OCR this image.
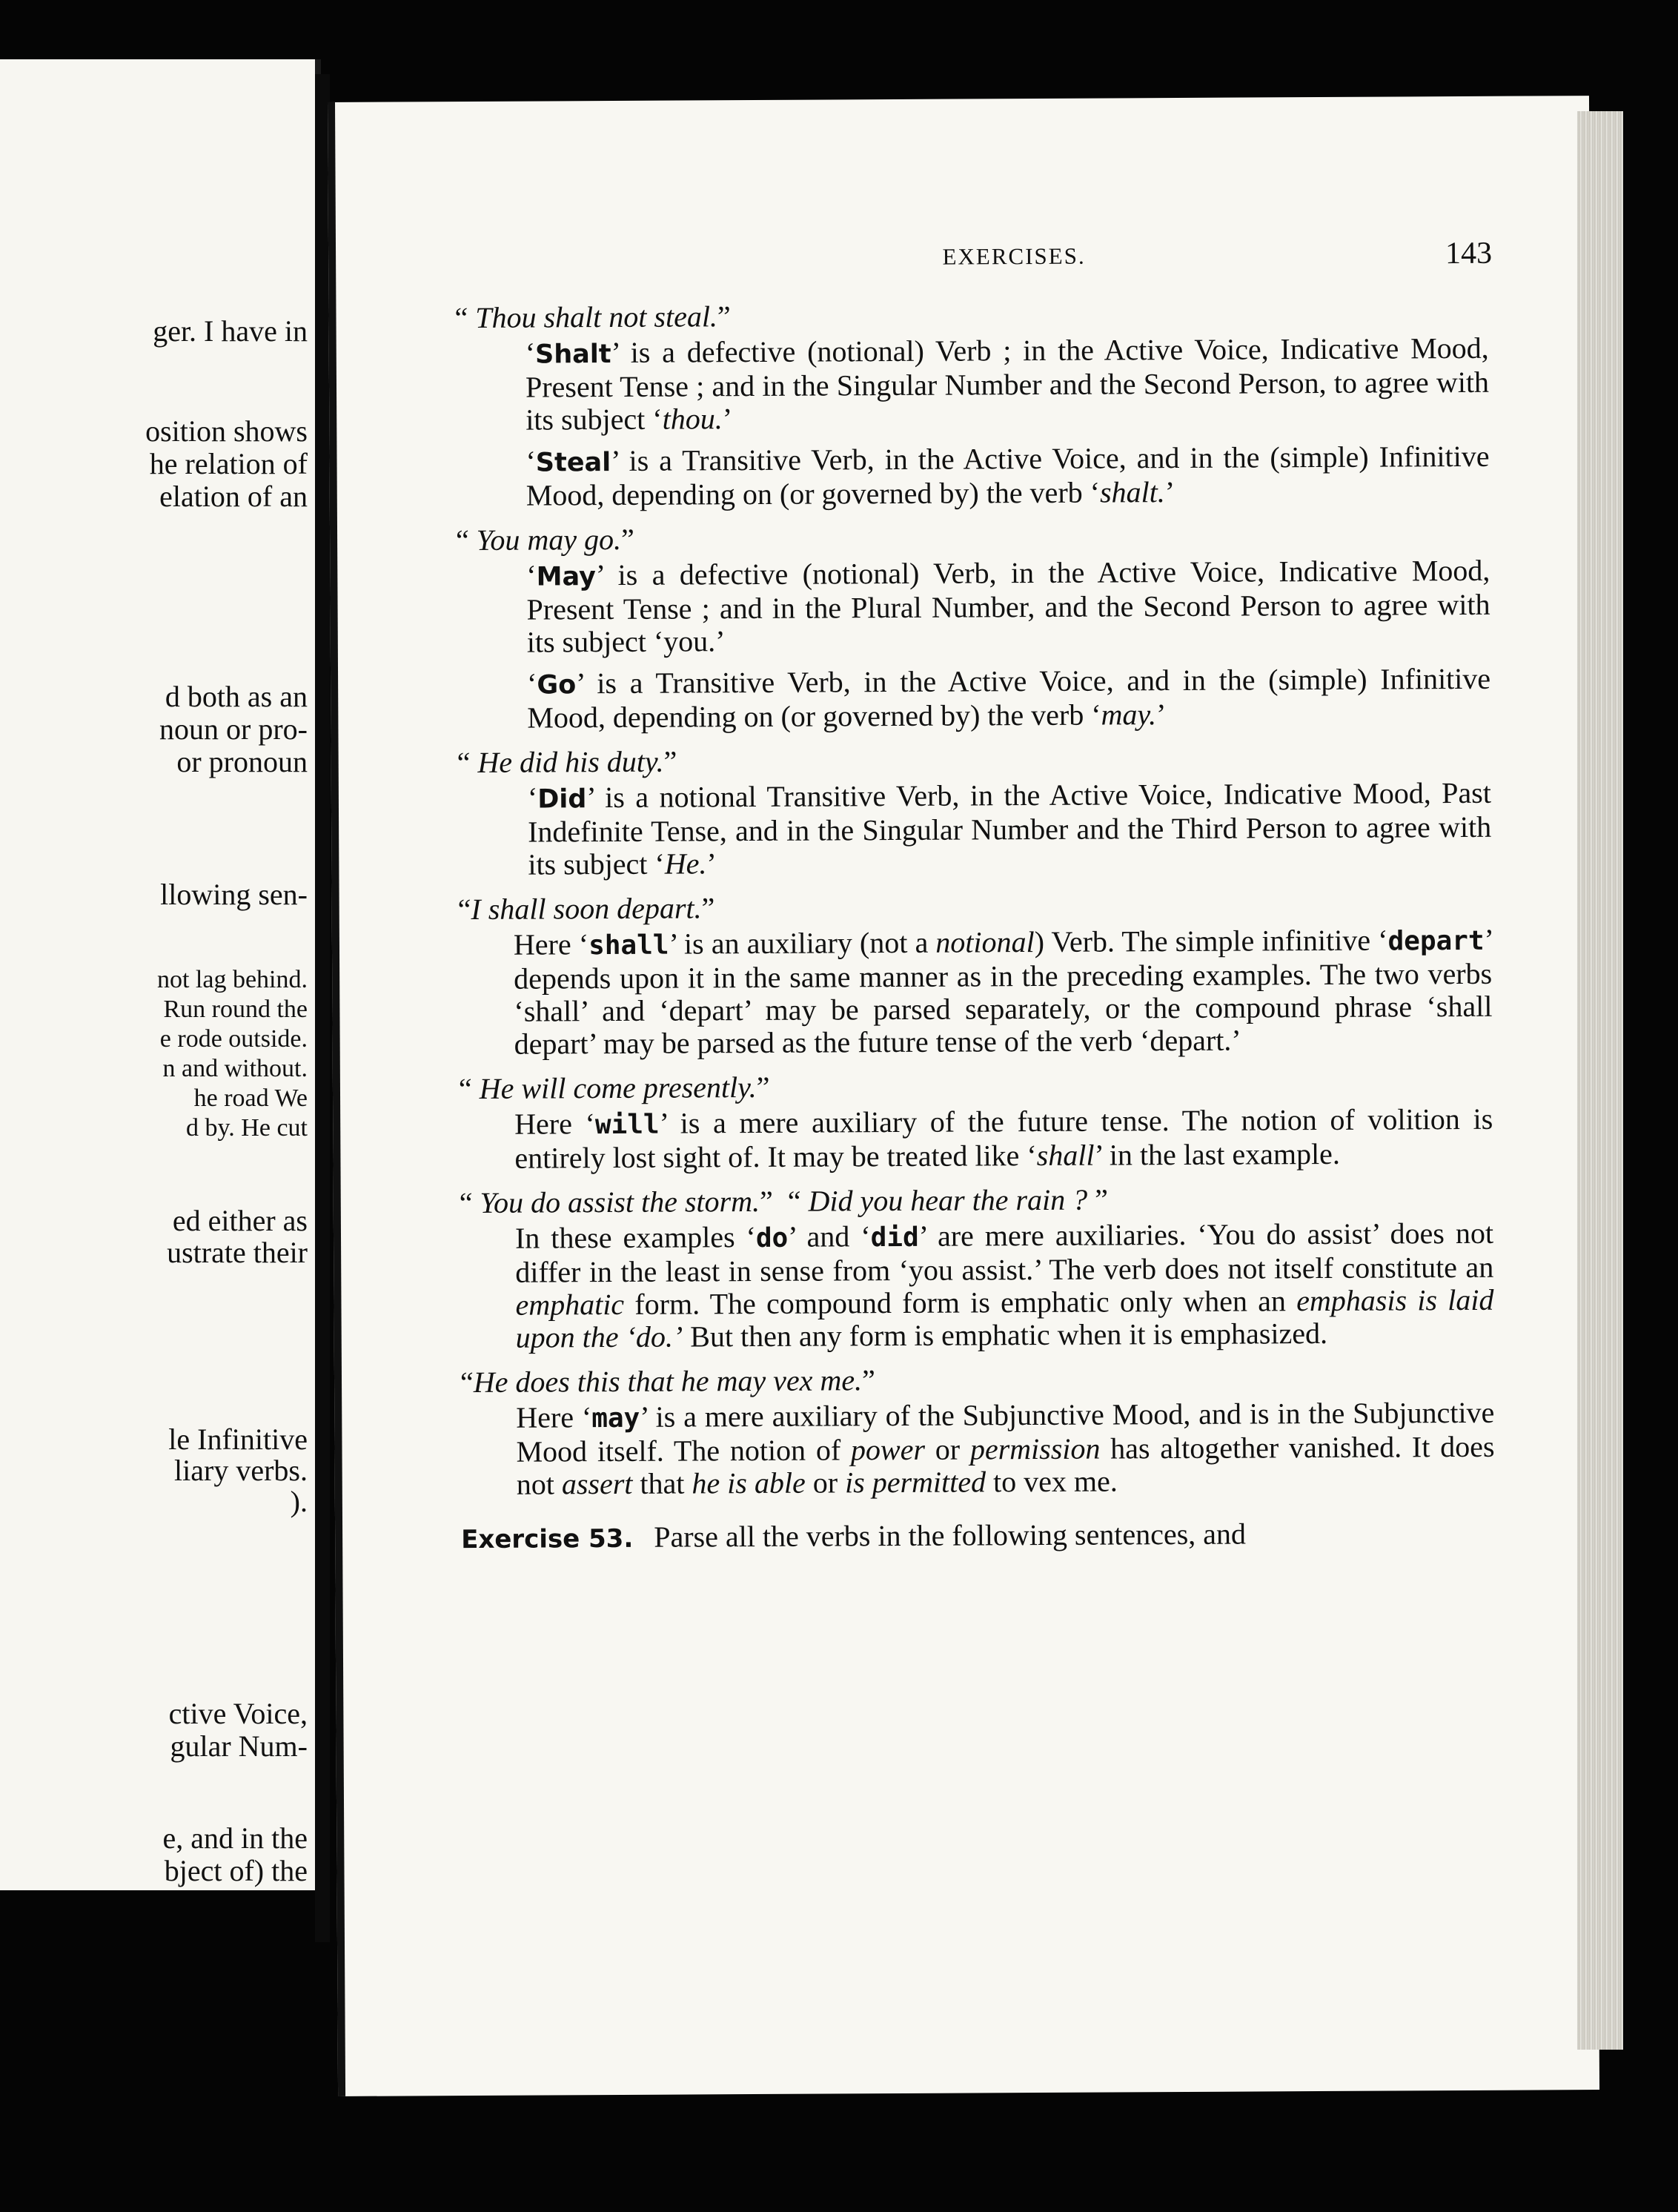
ger. I have in
osition shows
he relation of
elation of an
d both as an
noun or pro-
or pronoun
llowing sen-
not lag behind.
Run round the
e rode outside.
n and without.
he road We
d by. He cut
ed either as
ustrate their
le Infinitive
liary verbs.
).
ctive Voice,
gular Num-
e, and in the
bject of) the
EXERCISES.	143
“ Thou shalt not steal.”
‘Shalt’ is a defective (notional) Verb ; in the Active Voice, Indicative Mood, Present Tense ; and in the Singular Number and the Second Person, to agree with its subject ‘thou.’
‘Steal’ is a Transitive Verb, in the Active Voice, and in the (simple) Infinitive Mood, depending on (or governed by) the verb ‘shalt.’
“ You may go.”
‘May’ is a defective (notional) Verb, in the Active Voice, Indicative Mood, Present Tense ; and in the Plural Number, and the Second Person to agree with its subject ‘you.’
‘Go’ is a Transitive Verb, in the Active Voice, and in the (simple) Infinitive Mood, depending on (or governed by) the verb ‘may.’
“ He did his duty.”
‘Did’ is a notional Transitive Verb, in the Active Voice, Indicative Mood, Past Indefinite Tense, and in the Singular Number and the Third Person to agree with its subject ‘He.’
“I shall soon depart.”
Here ‘shall’ is an auxiliary (not a notional) Verb. The simple infinitive ‘depart’ depends upon it in the same manner as in the preceding examples. The two verbs ‘shall’ and ‘depart’ may be parsed separately, or the compound phrase ‘shall depart’ may be parsed as the future tense of the verb ‘depart.’
“ He will come presently.”
Here ‘will’ is a mere auxiliary of the future tense. The notion of volition is entirely lost sight of. It may be treated like ‘shall’ in the last example.
“ You do assist the storm.”  “ Did you hear the rain ? ”
In these examples ‘do’ and ‘did’ are mere auxiliaries. ‘You do assist’ does not differ in the least in sense from ‘you assist.’ The verb does not itself constitute an emphatic form. The compound form is emphatic only when an emphasis is laid upon the ‘do.’ But then any form is emphatic when it is emphasized.
“He does this that he may vex me.”
Here ‘may’ is a mere auxiliary of the Subjunctive Mood, and is in the Subjunctive Mood itself. The notion of power or permission has altogether vanished. It does not assert that he is able or is permitted to vex me.
Exercise 53. Parse all the verbs in the following sentences, and
